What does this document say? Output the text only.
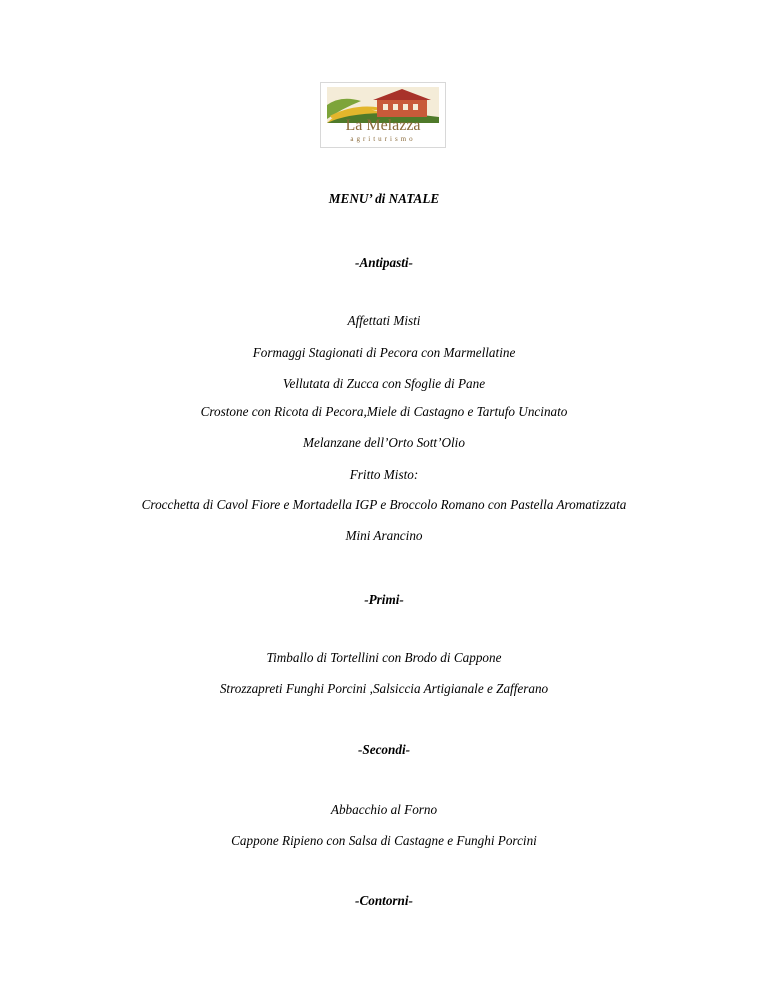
La Melazza
agriturismo
MENU’ di NATALE
-Antipasti-
Affettati Misti
Formaggi Stagionati di Pecora con Marmellatine
Vellutata di Zucca con Sfoglie di Pane
Crostone con Ricota di Pecora,Miele di Castagno e Tartufo Uncinato
Melanzane dell’Orto Sott’Olio
Fritto Misto:
Crocchetta di Cavol Fiore e Mortadella IGP e Broccolo Romano con Pastella Aromatizzata
Mini Arancino
-Primi-
Timballo di Tortellini con Brodo di Cappone
Strozzapreti Funghi Porcini ,Salsiccia Artigianale e Zafferano
-Secondi-
Abbacchio al Forno
Cappone Ripieno con Salsa di Castagne e Funghi Porcini
-Contorni-
